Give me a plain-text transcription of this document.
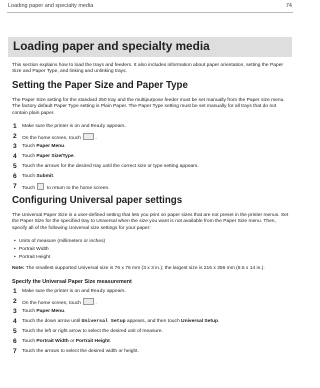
Loading paper and specialty media	74
Loading paper and specialty media
This section explains how to load the trays and feeders. It also includes information about paper orientation, setting the Paper Size and Paper Type, and linking and unlinking trays.
Setting the Paper Size and Paper Type
The Paper Size setting for the standard 250 tray and the multipurpose feeder must be set manually from the Paper size menu. The factory default Paper Type setting is Plain Paper. The Paper Type setting must be set manually for all trays that do not contain plain paper.
1 Make sure the printer is on and Ready appears.
2 On the home screen, touch	.
3 Touch Paper Menu.
4 Touch Paper Size/Type.
5 Touch the arrows for the desired tray until the correct size or type setting appears.
6 Touch Submit.
7 Touch  to return to the home screen.
Configuring Universal paper settings
The Universal Paper Size is a user-defined setting that lets you print on paper sizes that are not preset in the printer menus. Set the Paper Size for the specified tray to Universal when the size you want is not available from the Paper Size menu. Then, specify all of the following Universal size settings for your paper:
• Units of measure (millimeters or inches)
• Portrait Width
• Portrait Height
Note: The smallest supported Universal size is 76 x 76 mm (3 x 3 in.); the largest size is 216 x 356 mm (8.5 x 14 in.).
Specify the Universal Paper Size measurement
1 Make sure the printer is on and Ready appears.
2 On the home screen, touch	.
3 Touch Paper Menu.
4 Touch the down arrow until Universal Setup appears, and then touch Universal Setup.
5 Touch the left or right arrow to select the desired unit of measure.
6 Touch Portrait Width or Portrait Height.
7 Touch the arrows to select the desired width or height.
